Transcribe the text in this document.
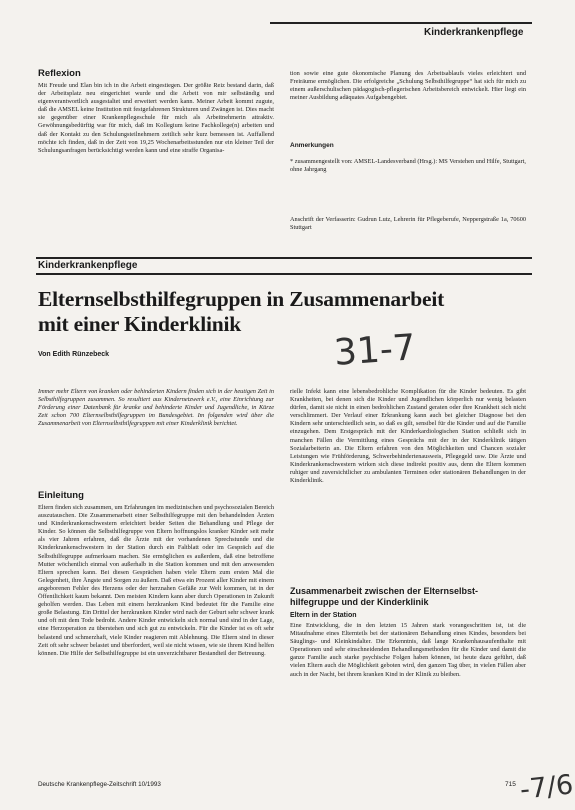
Kinderkrankenpflege
Reflexion

Mit Freude und Elan bin ich in die Arbeit eingestiegen. Der größte Reiz bestand darin, daß der Arbeitsplatz neu eingerichtet wurde und die Arbeit von mir selbständig und eigenverantwortlich ausgestaltet und erweitert werden kann. Meiner Arbeit kommt zugute, daß die AMSEL keine Institution mit festgefahrenen Strukturen und Zwängen ist. Dies macht sie gegenüber einer Krankenpflegeschule für mich als Arbeitnehmerin attraktiv. Gewöhnungsbedürftig war für mich, daß im Kollegium keine Fachkollege(n) arbeiten und daß der Kontakt zu den Schulungsteilnehmern zeitlich sehr kurz bemessen ist. Auffallend möchte ich finden, daß in der Zeit von 19,25 Wochenarbeitsstunden nur ein kleiner Teil der Schulungsanfragen berücksichtigt werden kann und eine straffe Organisa-

tion sowie eine gute ökonomische Planung des Arbeitsablaufs vieles erleichtert und Freiräume ermöglichen. Die erfolgreiche „Schulung Selbsthilfegruppe“ hat sich für mich zu einem außerschulischen pädagogisch-pflegerischen Arbeitsbereich entwickelt. Hier liegt ein meiner Ausbildung adäquates Aufgabengebiet.

Anmerkungen

* zusammengestellt von: AMSEL-Landesverband (Hrsg.): MS Verstehen und Hilfe, Stuttgart, ohne Jahrgang

Anschrift der Verfasserin: Gudrun Lutz, Lehrerin für Pflegeberufe, Neppergstraße 1a, 70600 Stuttgart

Kinderkrankenpflege
Elternselbsthilfegruppen in Zusammenarbeit
mit einer Kinderklinik
Von Edith Rünzebeck	31-7
-7/6

Immer mehr Eltern von kranken oder behinderten Kindern finden sich in der heutigen Zeit in Selbsthilfegruppen zusammen. So resultiert aus Kindernetzwerk e.V., eine Einrichtung zur Förderung einer Datenbank für kranke und behinderte Kinder und Jugendliche, in Kürze Zeit schon 700 Elternselbsthilfegruppen im Bundesgebiet. Im folgenden wird über die Zusammenarbeit von Elternselbsthilfegruppen mit einer Kinderklinik berichtet.

Einleitung

Eltern finden sich zusammen, um Erfahrungen im medizinischen und psychosozialen Bereich auszutauschen. Die Zusammenarbeit einer Selbsthilfegruppe mit den behandelnden Ärzten und Kinderkrankenschwestern erleichtert beider Seiten die Behandlung und Pflege der Kinder. So können die Selbsthilfegruppe von Eltern hoffnungslos kranker Kinder seit mehr als vier Jahren erfahren, daß die Ärzte mit der vorhandenen Sprechstunde und die Kinderkrankenschwestern in der Station durch ein Faltblatt oder im Gespräch auf die Selbsthilfegruppe aufmerksam machen. Sie ermöglichen es außerdem, daß eine betroffene Mutter wöchentlich einmal von außerhalb in die Station kommen und mit den anwesenden Eltern sprechen kann. Bei diesen Gesprächen haben viele Eltern zum ersten Mal die Gelegenheit, ihre Ängste und Sorgen zu äußern. Daß etwa ein Prozent aller Kinder mit einem angeborenen Fehler des Herzens oder der herznahen Gefäße zur Welt kommen, ist in der Öffentlichkeit kaum bekannt. Den meisten Kindern kann aber durch Operationen in Zukunft geholfen werden. Das Leben mit einem herzkranken Kind bedeutet für die Familie eine große Belastung. Ein Drittel der herzkranken Kinder wird nach der Geburt sehr schwer krank und oft mit dem Tode bedroht. Andere Kinder entwickeln sich normal und sind in der Lage, eine Herzoperation zu überstehen und sich gut zu entwickeln. Für die Kinder ist es oft sehr belastend und schmerzhaft, viele Kinder reagieren mit Ablehnung. Die Eltern sind in dieser Zeit oft sehr schwer belastet und überfordert, weil sie nicht wissen, wie sie ihrem Kind helfen können. Die Hilfe der Selbsthilfegruppe ist ein unverzichtbarer Bestandteil der Betreuung.

rielle Infekt kann eine lebensbedrohliche Komplikation für die Kinder bedeuten. Es gibt Krankheiten, bei denen sich die Kinder und Jugendlichen körperlich nur wenig belasten dürfen, damit sie nicht in einen bedrohlichen Zustand geraten oder ihre Krankheit sich nicht verschlimmert. Der Verlauf einer Erkrankung kann auch bei gleicher Diagnose bei den Kindern sehr unterschiedlich sein, so daß es gilt, sensibel für die Kinder und auf die Familie einzugehen. Dem Erstgespräch mit der Kinderkardiologischen Station schließt sich in manchen Fällen die Vermittlung eines Gesprächs mit der in der Kinderklinik tätigen Sozialarbeiterin an. Die Eltern erfahren von den Möglichkeiten und Chancen sozialer Leistungen wie Frühförderung, Schwerbehindertenausweis, Pflegegeld usw. Die Ärzte und Kinderkrankenschwestern wirken sich diese indirekt positiv aus, denn die Eltern kommen ruhiger und zuversichtlicher zu ambulanten Terminen oder stationären Behandlungen in der Kinderklinik.

Zusammenarbeit zwischen der Elternselbst-
hilfegruppe und der Kinderklinik
Eltern in der Station

Eine Entwicklung, die in den letzten 15 Jahren stark vorangeschritten ist, ist die Mitaufnahme eines Elternteils bei der stationären Behandlung eines Kindes, besonders bei Säuglings- und Kleinkindalter. Die Erkenntnis, daß lange Krankenhausaufenthalte mit Operationen und sehr einschneidenden Behandlungsmethoden für die Kinder und damit die ganze Familie auch starke psychische Folgen haben können, ist heute dazu geführt, daß vielen Eltern auch die Möglichkeit geboten wird, den ganzen Tag über, in vielen Fällen aber auch in der Nacht, bei ihrem kranken Kind in der Klinik zu bleiben.

Deutsche Krankenpflege-Zeitschrift 10/1993	715
